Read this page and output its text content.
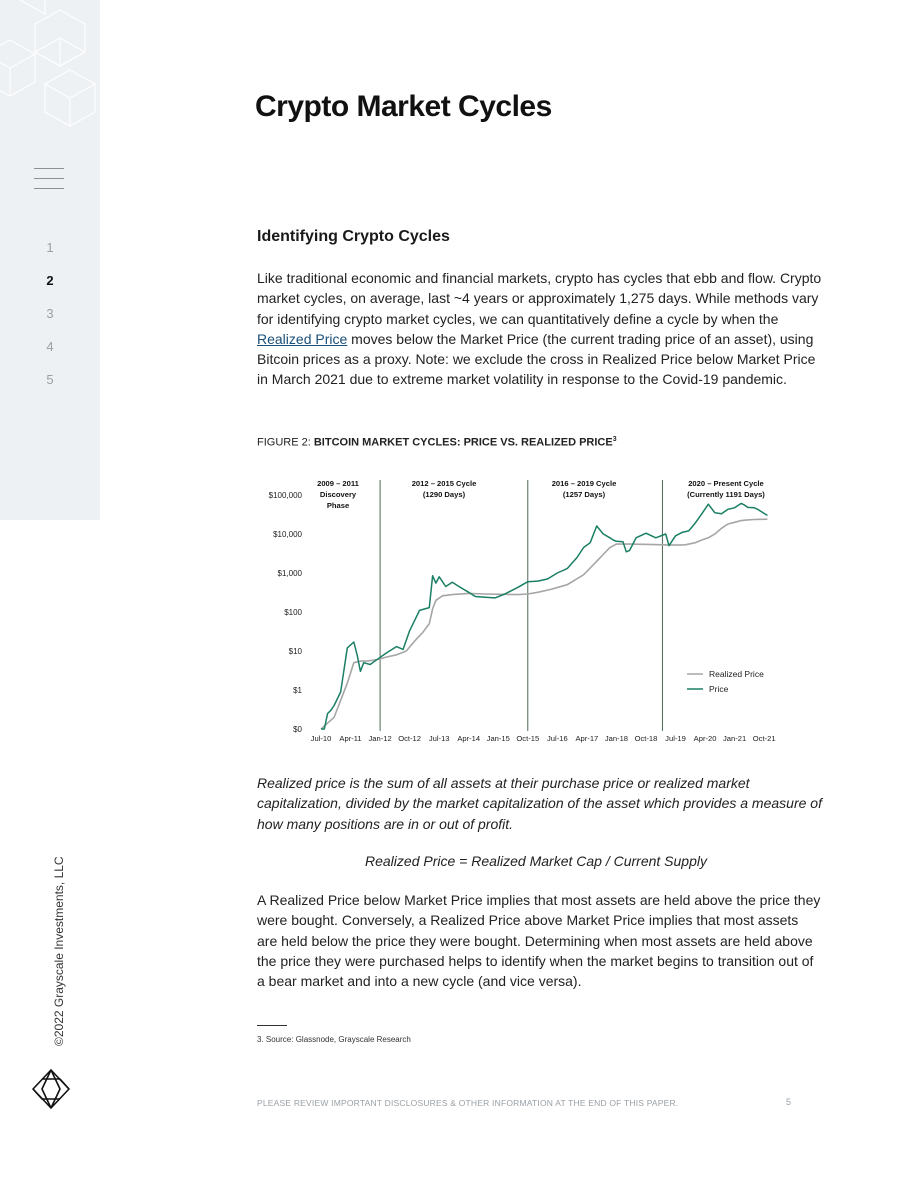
1
2
3
4
5
©2022 Grayscale Investments, LLC
Crypto Market Cycles
Identifying Crypto Cycles

Like traditional economic and financial markets, crypto has cycles that ebb and flow. Crypto market cycles, on average, last ~4 years or approximately 1,275 days. While methods vary for identifying crypto market cycles, we can quantitatively define a cycle by when the Realized Price moves below the Market Price (the current trading price of an asset), using Bitcoin prices as a proxy. Note: we exclude the cross in Realized Price below Market Price in March 2021 due to extreme market volatility in response to the Covid-19 pandemic.

FIGURE 2: BITCOIN MARKET CYCLES: PRICE VS. REALIZED PRICE$^3$
$0
$1
$10
$100
$1,000
$10,000
$100,000
Jul-10 Apr-11 Jan-12 Oct-12 Jul-13 Apr-14 Jan-15 Oct-15 Jul-16 Apr-17 Jan-18 Oct-18 Jul-19 Apr-20 Jan-21 Oct-21
2009 – 2011
Discovery
Phase
2012 – 2015 Cycle
(1290 Days)
2016 – 2019 Cycle
(1257 Days)
2020 – Present Cycle
(Currently 1191 Days)
Realized Price
Price

Realized price is the sum of all assets at their purchase price or realized market capitalization, divided by the market capitalization of the asset which provides a measure of how many positions are in or out of profit.

Realized Price = Realized Market Cap / Current Supply

A Realized Price below Market Price implies that most assets are held above the price they were bought. Conversely, a Realized Price above Market Price implies that most assets are held below the price they were bought. Determining when most assets are held above the price they were purchased helps to identify when the market begins to transition out of a bear market and into a new cycle (and vice versa).

3. Source: Glassnode, Grayscale Research
PLEASE REVIEW IMPORTANT DISCLOSURES & OTHER INFORMATION AT THE END OF THIS PAPER.	5
